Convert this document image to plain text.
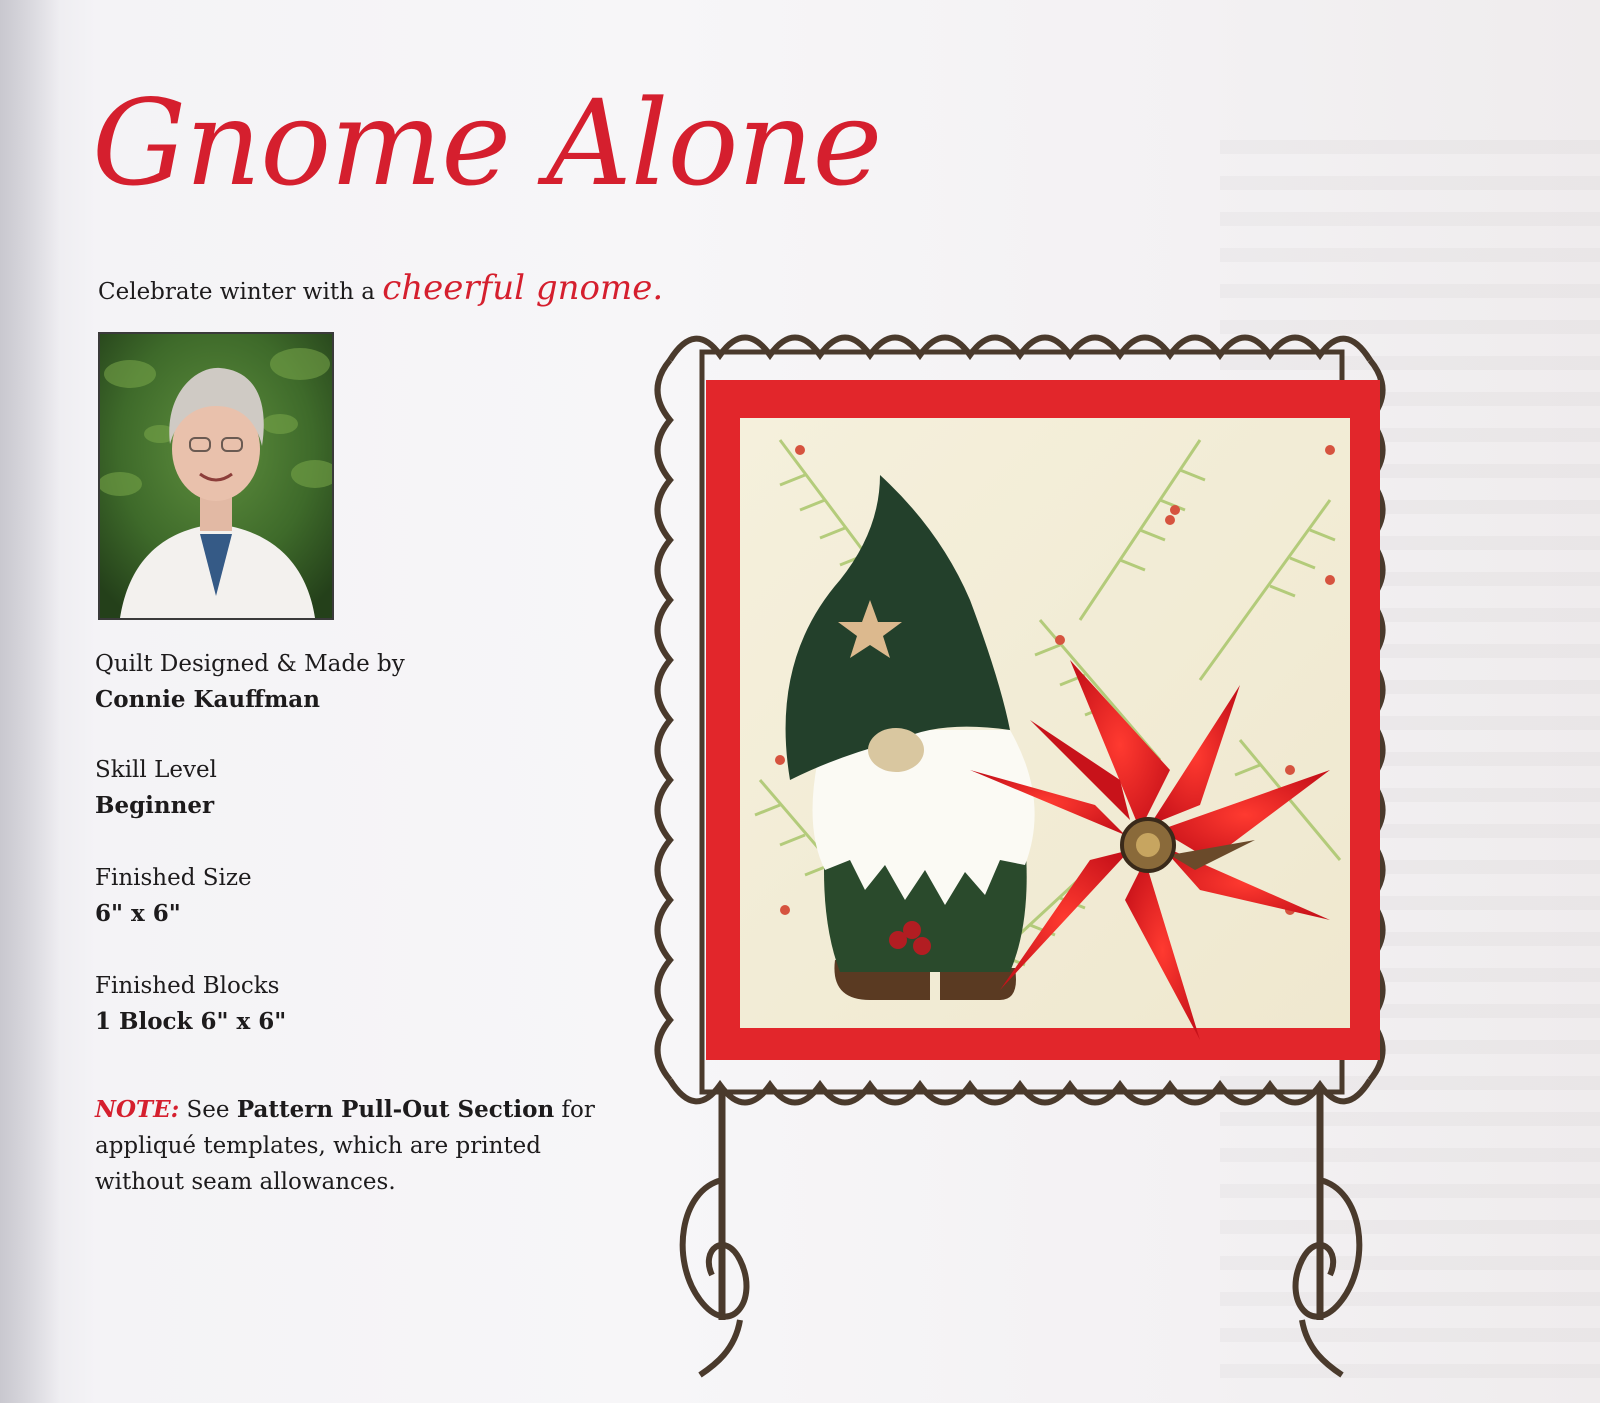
Gnome Alone
Celebrate winter with a cheerful gnome.
Quilt Designed & Made by
Connie Kauffman
Skill Level
Beginner
Finished Size
6" x 6"
Finished Blocks
1 Block 6" x 6"
NOTE: See Pattern Pull-Out Section for appliqué templates, which are printed without seam allowances.
